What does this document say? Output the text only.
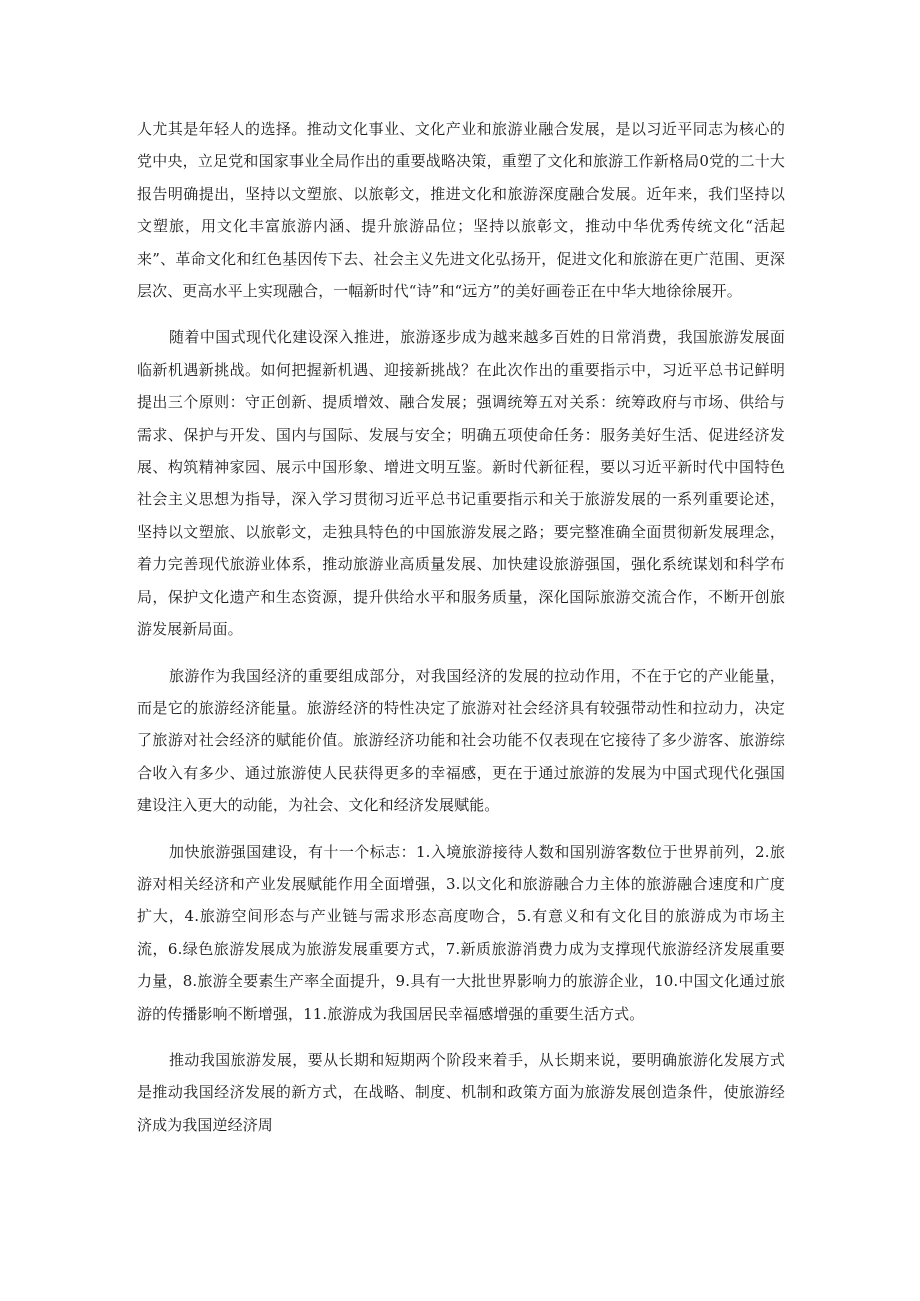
人尤其是年轻人的选择。推动文化事业、文化产业和旅游业融合发展，是以习近平同志为核心的党中央，立足党和国家事业全局作出的重要战略决策，重塑了文化和旅游工作新格局0党的二十大报告明确提出，坚持以文塑旅、以旅彰文，推进文化和旅游深度融合发展。近年来，我们坚持以文塑旅，用文化丰富旅游内涵、提升旅游品位；坚持以旅彰文，推动中华优秀传统文化“活起来”、革命文化和红色基因传下去、社会主义先进文化弘扬开，促进文化和旅游在更广范围、更深层次、更高水平上实现融合，一幅新时代“诗”和“远方”的美好画卷正在中华大地徐徐展开。

随着中国式现代化建设深入推进，旅游逐步成为越来越多百姓的日常消费，我国旅游发展面临新机遇新挑战。如何把握新机遇、迎接新挑战？在此次作出的重要指示中，习近平总书记鲜明提出三个原则：守正创新、提质增效、融合发展；强调统筹五对关系：统筹政府与市场、供给与需求、保护与开发、国内与国际、发展与安全；明确五项使命任务：服务美好生活、促进经济发展、构筑精神家园、展示中国形象、增进文明互鉴。新时代新征程，要以习近平新时代中国特色社会主义思想为指导，深入学习贯彻习近平总书记重要指示和关于旅游发展的一系列重要论述，坚持以文塑旅、以旅彰文，走独具特色的中国旅游发展之路；要完整准确全面贯彻新发展理念，着力完善现代旅游业体系，推动旅游业高质量发展、加快建设旅游强国，强化系统谋划和科学布局，保护文化遗产和生态资源，提升供给水平和服务质量，深化国际旅游交流合作，不断开创旅游发展新局面。

旅游作为我国经济的重要组成部分，对我国经济的发展的拉动作用，不在于它的产业能量，而是它的旅游经济能量。旅游经济的特性决定了旅游对社会经济具有较强带动性和拉动力，决定了旅游对社会经济的赋能价值。旅游经济功能和社会功能不仅表现在它接待了多少游客、旅游综合收入有多少、通过旅游使人民获得更多的幸福感，更在于通过旅游的发展为中国式现代化强国建设注入更大的动能，为社会、文化和经济发展赋能。

加快旅游强国建设，有十一个标志：1.入境旅游接待人数和国别游客数位于世界前列，2.旅游对相关经济和产业发展赋能作用全面增强，3.以文化和旅游融合力主体的旅游融合速度和广度扩大，4.旅游空间形态与产业链与需求形态高度吻合，5.有意义和有文化目的旅游成为市场主流，6.绿色旅游发展成为旅游发展重要方式，7.新质旅游消费力成为支撑现代旅游经济发展重要力量，8.旅游全要素生产率全面提升，9.具有一大批世界影响力的旅游企业，10.中国文化通过旅游的传播影响不断增强，11.旅游成为我国居民幸福感增强的重要生活方式。

推动我国旅游发展，要从长期和短期两个阶段来着手，从长期来说，要明确旅游化发展方式是推动我国经济发展的新方式，在战略、制度、机制和政策方面为旅游发展创造条件，使旅游经济成为我国逆经济周
